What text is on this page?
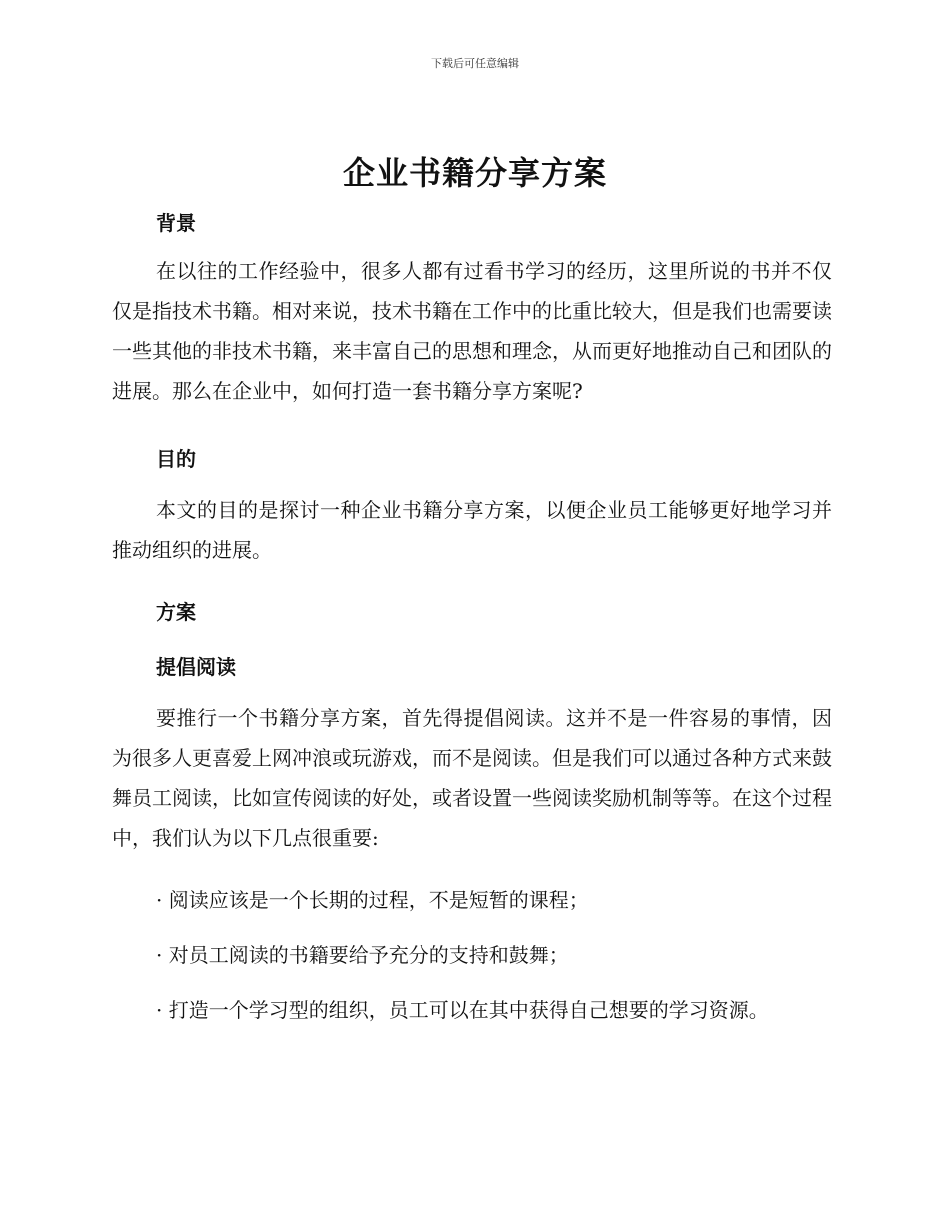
下载后可任意编辑
企业书籍分享方案
背景

在以往的工作经验中，很多人都有过看书学习的经历，这里所说的书并不仅仅是指技术书籍。相对来说，技术书籍在工作中的比重比较大，但是我们也需要读一些其他的非技术书籍，来丰富自己的思想和理念，从而更好地推动自己和团队的进展。那么在企业中，如何打造一套书籍分享方案呢?

目的

本文的目的是探讨一种企业书籍分享方案，以便企业员工能够更好地学习并推动组织的进展。

方案
提倡阅读

要推行一个书籍分享方案，首先得提倡阅读。这并不是一件容易的事情，因为很多人更喜爱上网冲浪或玩游戏，而不是阅读。但是我们可以通过各种方式来鼓舞员工阅读，比如宣传阅读的好处，或者设置一些阅读奖励机制等等。在这个过程中，我们认为以下几点很重要:

· 阅读应该是一个长期的过程，不是短暂的课程；

· 对员工阅读的书籍要给予充分的支持和鼓舞；

· 打造一个学习型的组织，员工可以在其中获得自己想要的学习资源。
